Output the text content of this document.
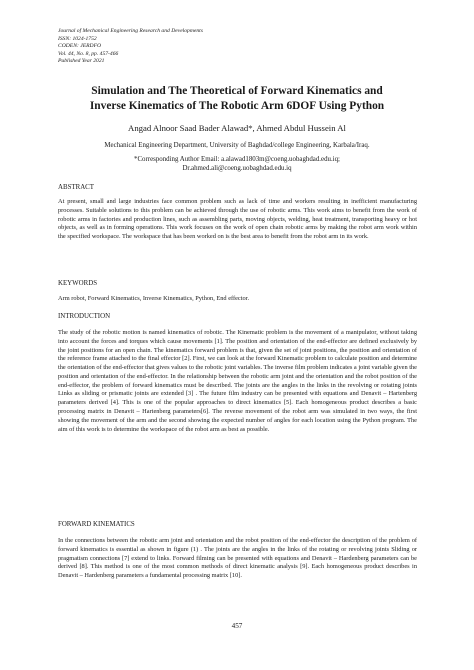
Journal of Mechanical Engineering Research and Developments
ISSN: 1024-1752
CODEN: JERDFO
Vol. 44, No. 8, pp. 457-466
Published Year 2021
Simulation and The Theoretical of Forward Kinematics and
Inverse Kinematics of The Robotic Arm 6DOF Using Python
Angad Alnoor Saad Bader Alawad*, Ahmed Abdul Hussein Al
Mechanical Engineering Department, University of Baghdad/college Engineering, Karbala/Iraq.
*Corresponding Author Email: a.alawad1803m@coeng.uobaghdad.edu.iq;
Dr.ahmed.ali@coeng.uobaghdad.edu.iq
ABSTRACT
At present, small and large industries face common problem such as lack of time and workers resulting in inefficient manufacturing processes. Suitable solutions to this problem can be achieved through the use of robotic arms. This work aims to benefit from the work of robotic arms in factories and production lines, such as assembling parts, moving objects, welding, heat treatment, transporting heavy or hot objects, as well as in forming operations. This work focuses on the work of open chain robotic arms by making the robot arm work within the specified workspace. The workspace that has been worked on is the best area to benefit from the robot arm in its work.
KEYWORDS
Arm robot, Forward Kinematics, Inverse Kinematics, Python, End effector.
INTRODUCTION
The study of the robotic motion is named kinematics of robotic. The Kinematic problem is the movement of a manipulator, without taking into account the forces and torques which cause movements [1]. The position and orientation of the end-effector are defined exclusively by the joint positions for an open chain. The kinematics forward problem is that, given the set of joint positions, the position and orientation of the reference frame attached to the final effector [2]. First, we can look at the forward Kinematic problem to calculate position and determine the orientation of the end-effector that gives values to the robotic joint variables. The inverse film problem indicates a joint variable given the position and orientation of the end-effector. In the relationship between the robotic arm joint and the orientation and the robot position of the end-effector, the problem of forward kinematics must be described. The joints are the angles in the links in the revolving or rotating joints Links as sliding or prismatic joints are extended [3] . The future film industry can be presented with equations and Denavit – Hartenberg parameters derived [4]. This is one of the popular approaches to direct kinematics [5]. Each homogeneous product describes a basic processing matrix in Denavit – Hartenberg parameters[6]. The reverse movement of the robot arm was simulated in two ways, the first showing the movement of the arm and the second showing the expected number of angles for each location using the Python program. The aim of this work is to determine the workspace of the robot arm as best as possible.
FORWARD KINEMATICS
In the connections between the robotic arm joint and orientation and the robot position of the end-effector the description of the problem of forward kinematics is essential as shown in figure (1) . The joints are the angles in the links of the rotating or revolving joints Sliding or pragmatism connections [7] extend to links. Forward filming can be presented with equations and Denavit – Hardenberg parameters can be derived [8]. This method is one of the most common methods of direct kinematic analysis [9]. Each homogeneous product describes in Denavit – Hardenberg parameters a fundamental processing matrix [10].
457
